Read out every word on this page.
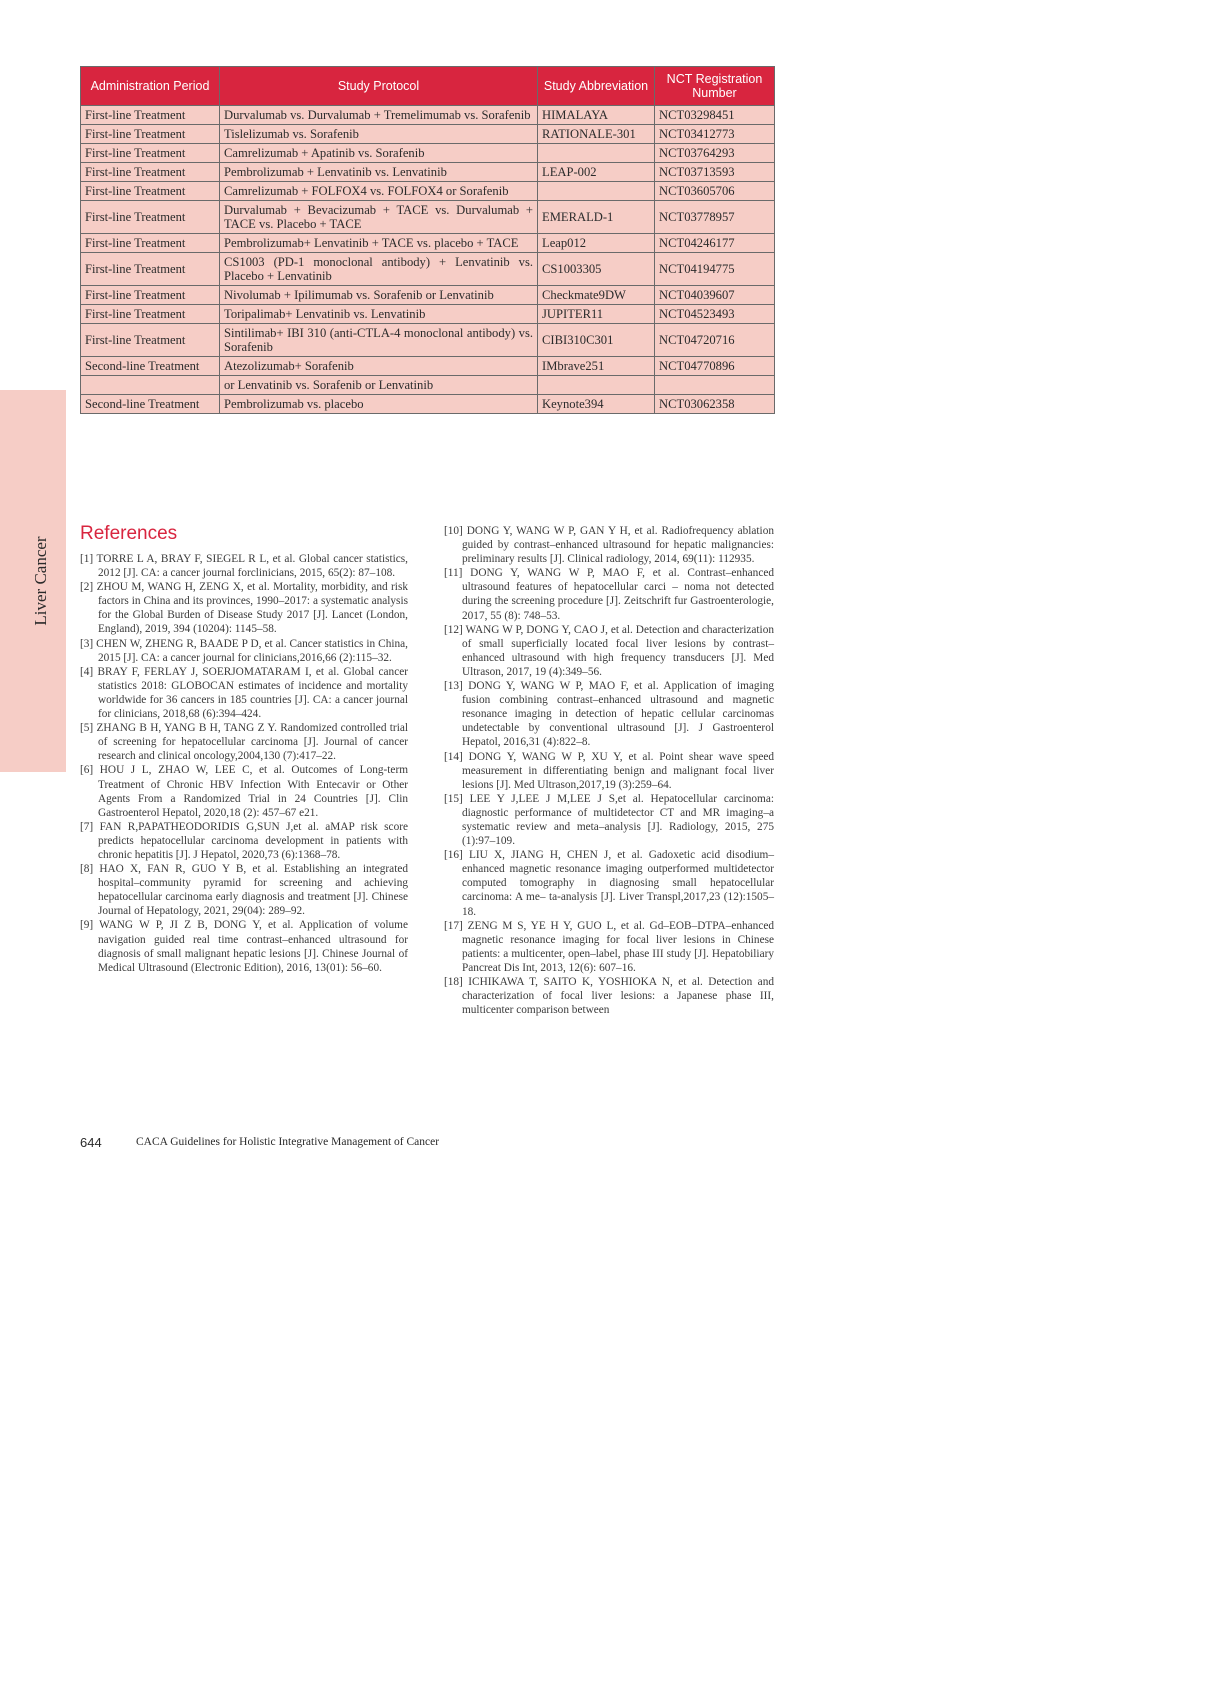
Liver Cancer
Administration Period	Study Protocol	Study Abbreviation	NCT Registration Number
First-line Treatment	Durvalumab vs. Durvalumab + Tremelimumab vs. Sorafenib	HIMALAYA	NCT03298451
First-line Treatment	Tislelizumab vs. Sorafenib	RATIONALE-301	NCT03412773
First-line Treatment	Camrelizumab + Apatinib vs. Sorafenib		NCT03764293
First-line Treatment	Pembrolizumab + Lenvatinib vs. Lenvatinib	LEAP-002	NCT03713593
First-line Treatment	Camrelizumab + FOLFOX4 vs. FOLFOX4 or Sorafenib		NCT03605706
First-line Treatment	Durvalumab + Bevacizumab + TACE vs. Durvalumab + TACE vs. Placebo + TACE	EMERALD-1	NCT03778957
First-line Treatment	Pembrolizumab+ Lenvatinib + TACE vs. placebo + TACE	Leap012	NCT04246177
First-line Treatment	CS1003 (PD-1 monoclonal antibody) + Lenvatinib vs. Placebo + Lenvatinib	CS1003305	NCT04194775
First-line Treatment	Nivolumab + Ipilimumab vs. Sorafenib or Lenvatinib	Checkmate9DW	NCT04039607
First-line Treatment	Toripalimab+ Lenvatinib vs. Lenvatinib	JUPITER11	NCT04523493
First-line Treatment	Sintilimab+ IBI 310 (anti-CTLA-4 monoclonal antibody) vs. Sorafenib	CIBI310C301	NCT04720716
Second-line Treatment	Atezolizumab+ Sorafenib	IMbrave251	NCT04770896
	or Lenvatinib vs. Sorafenib or Lenvatinib		
Second-line Treatment	Pembrolizumab vs. placebo	Keynote394	NCT03062358
References
[1] TORRE L A, BRAY F, SIEGEL R L, et al. Global cancer statistics, 2012 [J]. CA: a cancer journal forclinicians, 2015, 65(2): 87–108.
[2] ZHOU M, WANG H, ZENG X, et al. Mortality, morbidity, and risk factors in China and its provinces, 1990–2017: a systematic analysis for the Global Burden of Disease Study 2017 [J]. Lancet (London, England), 2019, 394 (10204): 1145–58.
[3] CHEN W, ZHENG R, BAADE P D, et al. Cancer statistics in China, 2015 [J]. CA: a cancer journal for clinicians,2016,66 (2):115–32.
[4] BRAY F, FERLAY J, SOERJOMATARAM I, et al. Global cancer statistics 2018: GLOBOCAN estimates of incidence and mortality worldwide for 36 cancers in 185 countries [J]. CA: a cancer journal for clinicians, 2018,68 (6):394–424.
[5] ZHANG B H, YANG B H, TANG Z Y. Randomized controlled trial of screening for hepatocellular carcinoma [J]. Journal of cancer research and clinical oncology,2004,130 (7):417–22.
[6] HOU J L, ZHAO W, LEE C, et al. Outcomes of Long-term Treatment of Chronic HBV Infection With Entecavir or Other Agents From a Randomized Trial in 24 Countries [J]. Clin Gastroenterol Hepatol, 2020,18 (2): 457–67 e21.
[7] FAN R,PAPATHEODORIDIS G,SUN J,et al. aMAP risk score predicts hepatocellular carcinoma development in patients with chronic hepatitis [J]. J Hepatol, 2020,73 (6):1368–78.
[8] HAO X, FAN R, GUO Y B, et al. Establishing an integrated hospital–community pyramid for screening and achieving hepatocellular carcinoma early diagnosis and treatment [J]. Chinese Journal of Hepatology, 2021, 29(04): 289–92.
[9] WANG W P, JI Z B, DONG Y, et al. Application of volume navigation guided real time contrast–enhanced ultrasound for diagnosis of small malignant hepatic lesions [J]. Chinese Journal of Medical Ultrasound (Electronic Edition), 2016, 13(01): 56–60.
[10] DONG Y, WANG W P, GAN Y H, et al. Radiofrequency ablation guided by contrast–enhanced ultrasound for hepatic malignancies: preliminary results [J]. Clinical radiology, 2014, 69(11): 112935.
[11] DONG Y, WANG W P, MAO F, et al. Contrast–enhanced ultrasound features of hepatocellular carci – noma not detected during the screening procedure [J]. Zeitschrift fur Gastroenterologie, 2017, 55 (8): 748–53.
[12] WANG W P, DONG Y, CAO J, et al. Detection and characterization of small superficially located focal liver lesions by contrast–enhanced ultrasound with high frequency transducers [J]. Med Ultrason, 2017, 19 (4):349–56.
[13] DONG Y, WANG W P, MAO F, et al. Application of imaging fusion combining contrast–enhanced ultrasound and magnetic resonance imaging in detection of hepatic cellular carcinomas undetectable by conventional ultrasound [J]. J Gastroenterol Hepatol, 2016,31 (4):822–8.
[14] DONG Y, WANG W P, XU Y, et al. Point shear wave speed measurement in differentiating benign and malignant focal liver lesions [J]. Med Ultrason,2017,19 (3):259–64.
[15] LEE Y J,LEE J M,LEE J S,et al. Hepatocellular carcinoma: diagnostic performance of multidetector CT and MR imaging–a systematic review and meta–analysis [J]. Radiology, 2015, 275 (1):97–109.
[16] LIU X, JIANG H, CHEN J, et al. Gadoxetic acid disodium–enhanced magnetic resonance imaging outperformed multidetector computed tomography in diagnosing small hepatocellular carcinoma: A me– ta-analysis [J]. Liver Transpl,2017,23 (12):1505–18.
[17] ZENG M S, YE H Y, GUO L, et al. Gd–EOB–DTPA–enhanced magnetic resonance imaging for focal liver lesions in Chinese patients: a multicenter, open–label, phase III study [J]. Hepatobiliary Pancreat Dis Int, 2013, 12(6): 607–16.
[18] ICHIKAWA T, SAITO K, YOSHIOKA N, et al. Detection and characterization of focal liver lesions: a Japanese phase III, multicenter comparison between
644	CACA Guidelines for Holistic Integrative Management of Cancer
